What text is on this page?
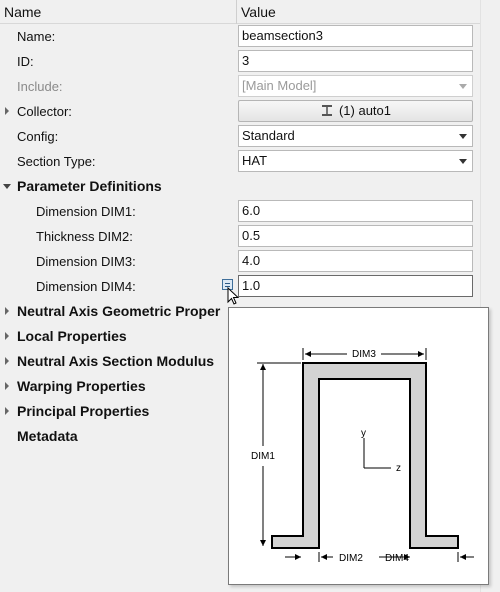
Name	Value
Name:	beamsection3
ID:	3
Include:	[Main Model]
Collector:	(1) auto1
Config:	Standard
Section Type:	HAT
Parameter Definitions
Dimension DIM1:	6.0
Thickness DIM2:	0.5
Dimension DIM3:	4.0
Dimension DIM4:	1.0
Neutral Axis Geometric Proper
Local Properties
Neutral Axis Section Modulus
Warping Properties
Principal Properties
Metadata
DIM3
DIM1
DIM2 DIM4
y
z
